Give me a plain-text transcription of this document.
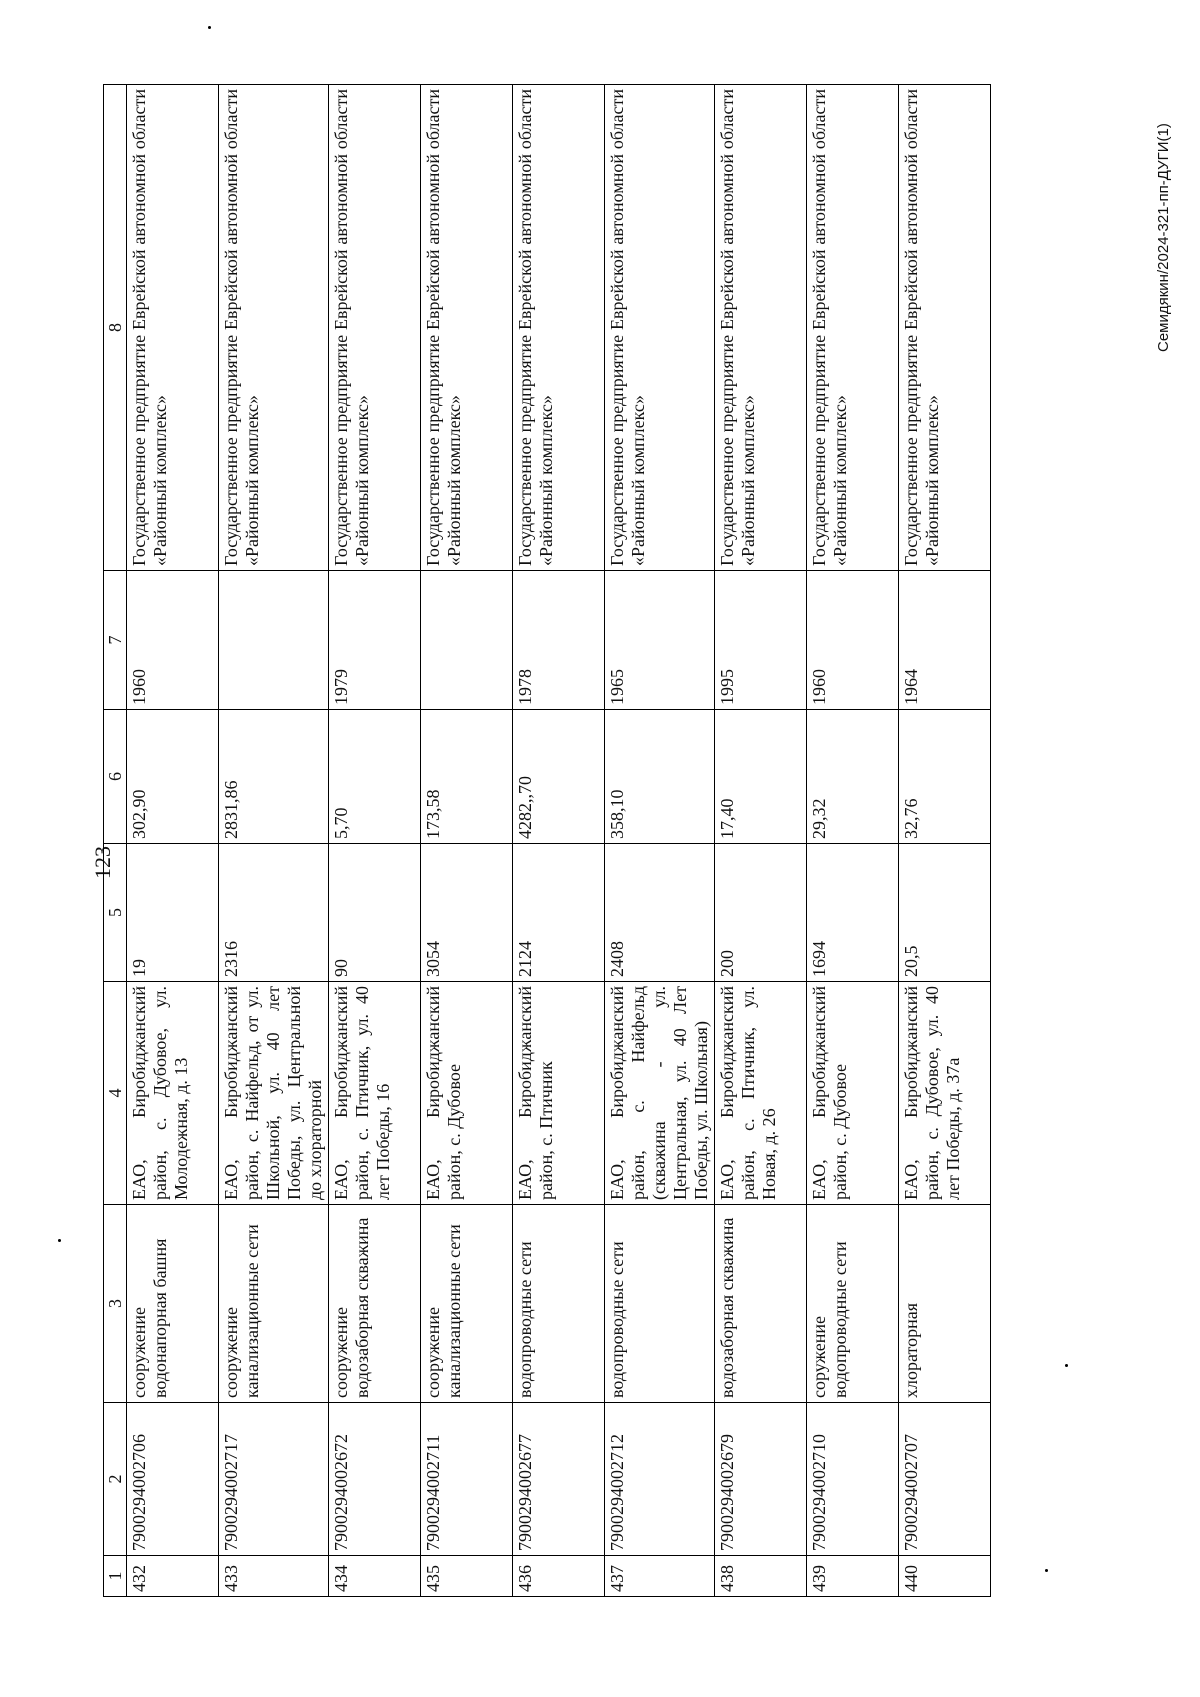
123
1	2	3	4	5	6	7	8
432	790029400270​6	сооружение водонапорная башня	ЕАО, Биробиджанский район, с. Дубовое, ул. Молодежная, д. 13	19	302,90	1960	Государственное предприятие Еврейской автономной области «Районный комплекс»
433	79002940027​17	сооружение канализационные сети	ЕАО, Биробиджанский район, с. Найфельд, от ул. Школьной, ул. 40 лет Победы, ул. Центральной до хлораторной	2316	2831,86		Государственное предприятие Еврейской автономной области «Районный комплекс»
434	790029400267​2	сооружение водозаборная скважина	ЕАО, Биробиджанский район, с. Птичник, ул. 40 лет Победы, 16	90	5,70	1979	Государственное предприятие Еврейской автономной области «Районный комплекс»
435	790029400271​1	сооружение канализационные сети	ЕАО, Биробиджанский район, с. Дубовое	3054	173,58		Государственное предприятие Еврейской автономной области «Районный комплекс»
436	790029400267​7	водопроводные сети	ЕАО, Биробиджанский район, с. Птичник	2124	4282,,70	1978	Государственное предприятие Еврейской автономной области «Районный комплекс»
437	790029400271​2	водопроводные сети	ЕАО, Биробиджанский район, с. Найфельд (скважина - ул. Центральная, ул. 40 Лет Победы, ул. Школьная)	2408	358,10	1965	Государственное предприятие Еврейской автономной области «Районный комплекс»
438	790029400267​9	водозаборная скважина	ЕАО, Биробиджанский район, с. Птичник, ул. Новая, д. 26	200	17,40	1995	Государственное предприятие Еврейской автономной области «Районный комплекс»
439	790029400271​0	соружение водопроводные сети	ЕАО, Биробиджанский район, с. Дубовое	1694	29,32	1960	Государственное предприятие Еврейской автономной области «Районный комплекс»
440	790029400270​7	хлораторная	ЕАО, Биробиджанский район, с. Дубовое, ул. 40 лет Победы, д. 37а	20,5	32,76	1964	Государственное предприятие Еврейской автономной области «Районный комплекс»
Семидякин/2024-321-пп-ДУГИ(1)
